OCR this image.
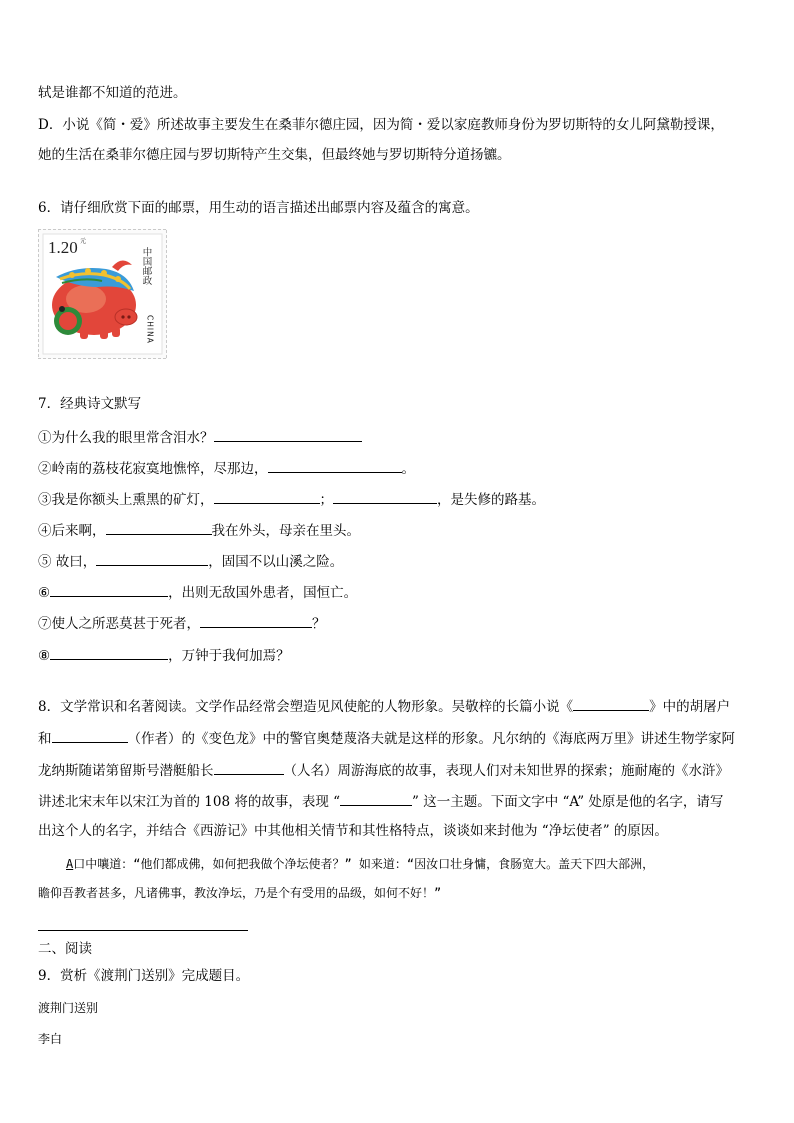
轼是谁都不知道的范进。
D．小说《简・爱》所述故事主要发生在桑菲尔德庄园，因为简・爱以家庭教师身份为罗切斯特的女儿阿黛勒授课，
她的生活在桑菲尔德庄园与罗切斯特产生交集，但最终她与罗切斯特分道扬镳。
6．请仔细欣赏下面的邮票，用生动的语言描述出邮票内容及蕴含的寓意。
1.20 元
中国邮政
CHINA
7．经典诗文默写
①为什么我的眼里常含泪水？
②岭南的荔枝花寂寞地憔悴，尽那边，	。
③我是你额头上熏黑的矿灯，	；	，是失修的路基。
④后来啊，	我在外头，母亲在里头。
⑤ 故曰，	，固国不以山溪之险。
⑥	，出则无敌国外患者，国恒亡。
⑦使人之所恶莫甚于死者，	？
⑧	，万钟于我何加焉？
8．文学常识和名著阅读。文学作品经常会塑造见风使舵的人物形象。吴敬梓的长篇小说《	》中的胡屠户
和	（作者）的《变色龙》中的警官奥楚蔑洛夫就是这样的形象。凡尔纳的《海底两万里》讲述生物学家阿
龙纳斯随诺第留斯号潜艇船长	（人名）周游海底的故事，表现人们对未知世界的探索；施耐庵的《水浒》
讲述北宋末年以宋江为首的 108 将的故事，表现 “	” 这一主题。下面文字中 “A” 处原是他的名字，请写
出这个人的名字，并结合《西游记》中其他相关情节和其性格特点，谈谈如来封他为 “净坛使者” 的原因。
A口中嚷道：“他们都成佛，如何把我做个净坛使者？” 如来道：“因汝口壮身慵，食肠宽大。盖天下四大部洲，
瞻仰吾教者甚多，凡诸佛事，教汝净坛，乃是个有受用的品级，如何不好！”
二、阅读
9．赏析《渡荆门送别》完成题目。
渡荆门送别
李白
